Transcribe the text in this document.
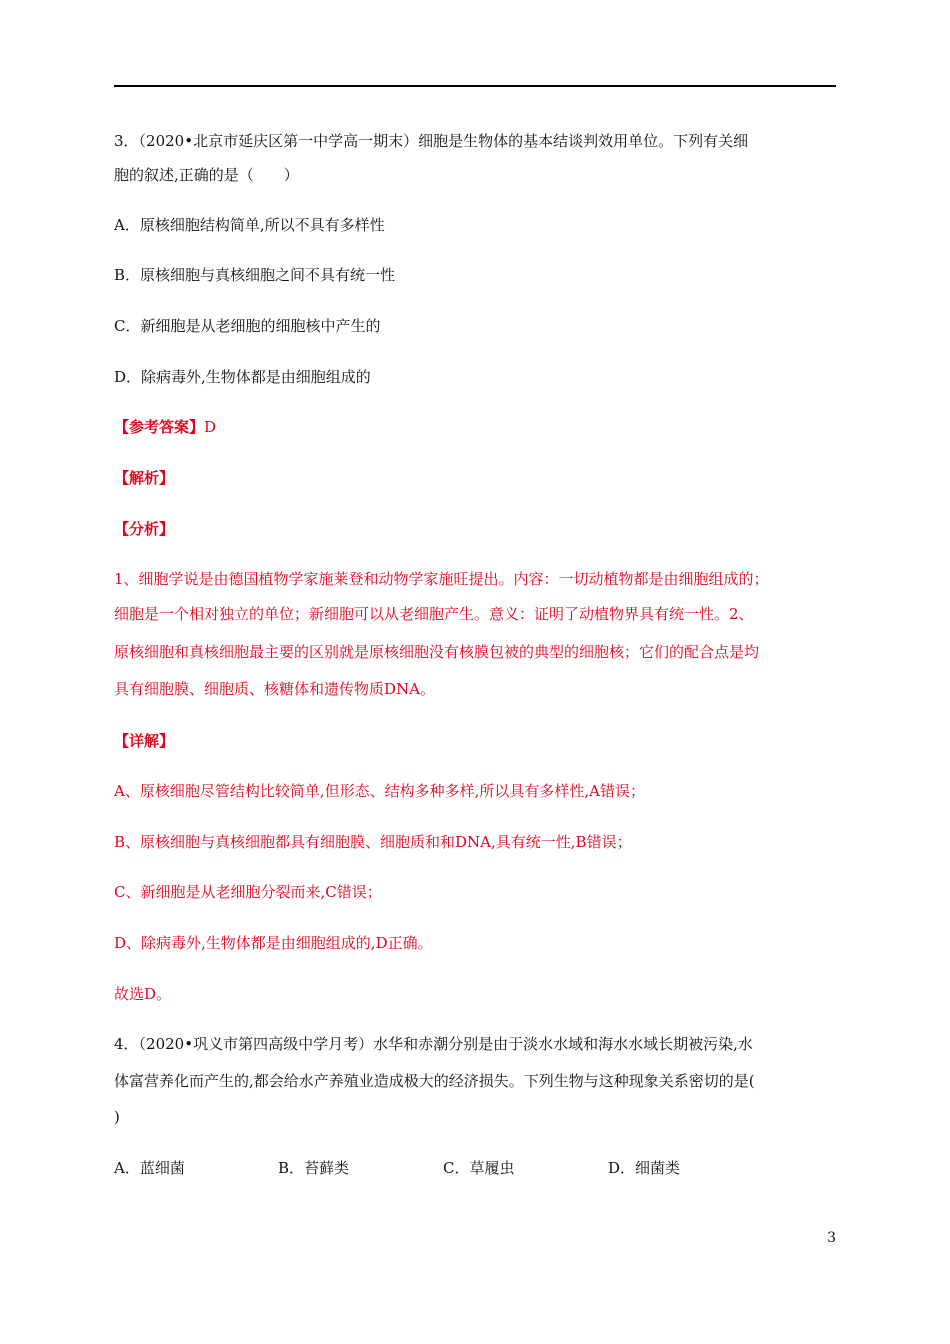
3．（2020•北京市延庆区第一中学高一期末）细胞是生物体的基本结谈判效用单位。下列有关细
胞的叙述,正确的是（　　）
A．原核细胞结构简单,所以不具有多样性
B．原核细胞与真核细胞之间不具有统一性
C．新细胞是从老细胞的细胞核中产生的
D．除病毒外,生物体都是由细胞组成的
【参考答案】D
【解析】
【分析】
1、细胞学说是由德国植物学家施莱登和动物学家施旺提出。内容：一切动植物都是由细胞组成的；
细胞是一个相对独立的单位；新细胞可以从老细胞产生。意义：证明了动植物界具有统一性。2、
原核细胞和真核细胞最主要的区别就是原核细胞没有核膜包被的典型的细胞核；它们的配合点是均
具有细胞膜、细胞质、核糖体和遗传物质DNA。
【详解】
A、原核细胞尽管结构比较简单,但形态、结构多种多样,所以具有多样性,A错误；
B、原核细胞与真核细胞都具有细胞膜、细胞质和和DNA,具有统一性,B错误；
C、新细胞是从老细胞分裂而来,C错误；
D、除病毒外,生物体都是由细胞组成的,D正确。
故选D。
4．（2020•巩义市第四高级中学月考）水华和赤潮分别是由于淡水水域和海水水域长期被污染,水
体富营养化而产生的,都会给水产养殖业造成极大的经济损失。下列生物与这种现象关系密切的是(
)
A．蓝细菌	B．苔藓类	C．草履虫	D．细菌类
3
